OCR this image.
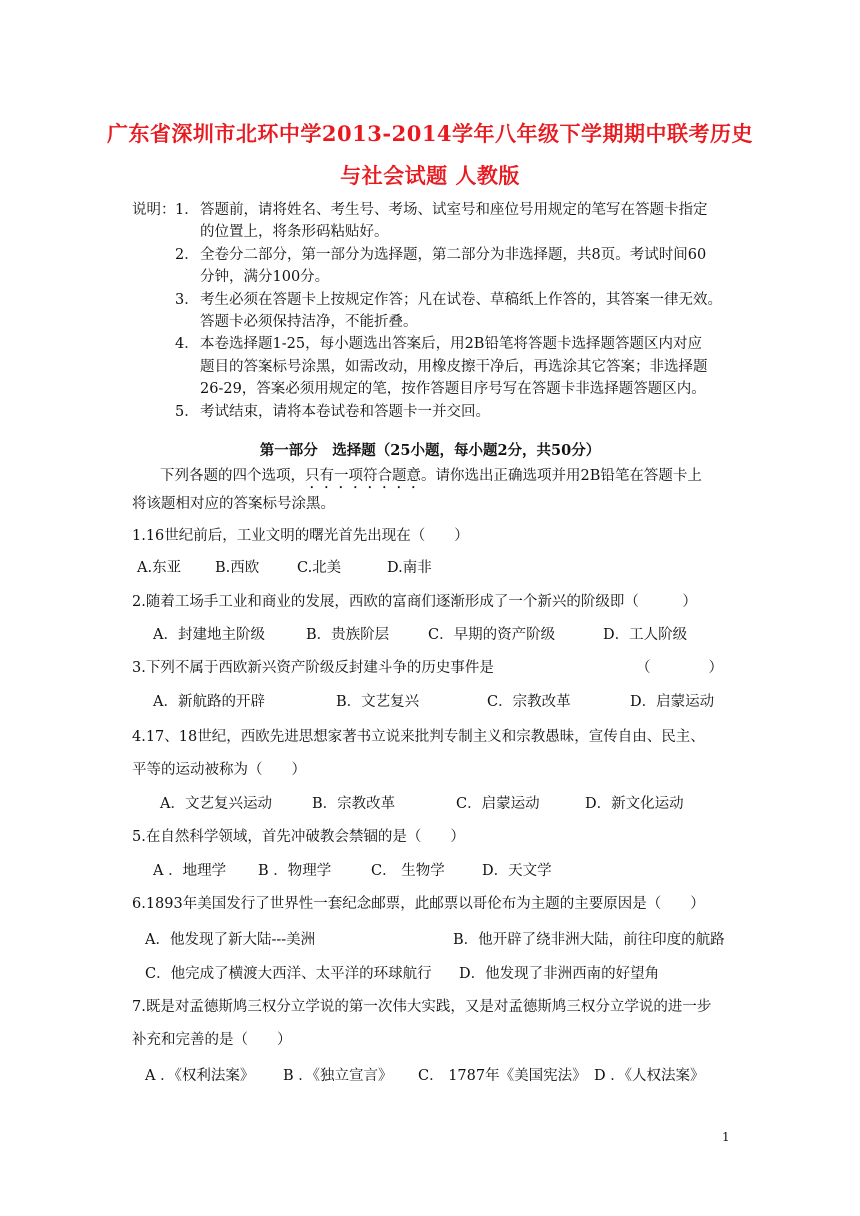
广东省深圳市北环中学2013-2014学年八年级下学期期中联考历史
与社会试题 人教版
说明： 1． 答题前，请将姓名、考生号、考场、试室号和座位号用规定的笔写在答题卡指定
的位置上，将条形码粘贴好。
2． 全卷分二部分，第一部分为选择题，第二部分为非选择题，共8页。考试时间60
分钟，满分100分。
3． 考生必须在答题卡上按规定作答；凡在试卷、草稿纸上作答的，其答案一律无效。
答题卡必须保持洁净，不能折叠。
4． 本卷选择题1-25，每小题选出答案后，用2B铅笔将答题卡选择题答题区内对应
题目的答案标号涂黑，如需改动，用橡皮擦干净后，再选涂其它答案；非选择题
26-29，答案必须用规定的笔，按作答题目序号写在答题卡非选择题答题区内。
5． 考试结束，请将本卷试卷和答题卡一并交回。
第一部分　选择题（25小题，每小题2分，共50分）
下列各题的四个选项，只有一项符合题意。请你选出正确选项并用2B铅笔在答题卡上
将该题相对应的答案标号涂黑。
1.16世纪前后，工业文明的曙光首先出现在（　　）
A.东亚 B.西欧	C.北美	D.南非
2.随着工场手工业和商业的发展，西欧的富商们逐渐形成了一个新兴的阶级即（　　　）
A．封建地主阶级	B．贵族阶层	C．早期的资产阶级	D．工人阶级
3.下列不属于西欧新兴资产阶级反封建斗争的历史事件是	（　　　　）
A．新航路的开辟	B．文艺复兴	C．宗教改革	D．启蒙运动
4.17、18世纪，西欧先进思想家著书立说来批判专制主义和宗教愚昧，宣传自由、民主、
平等的运动被称为（　　）
A．文艺复兴运动	B．宗教改革	C．启蒙运动	D．新文化运动
5.在自然科学领域，首先冲破教会禁锢的是（　　）
A ．地理学 B ．物理学	C． 生物学	D．天文学
6.1893年美国发行了世界性一套纪念邮票，此邮票以哥伦布为主题的主要原因是（　　）
A．他发现了新大陆---美洲	B．他开辟了绕非洲大陆，前往印度的航路
C．他完成了横渡大西洋、太平洋的环球航行 D．他发现了非洲西南的好望角
7.既是对孟德斯鸠三权分立学说的第一次伟大实践，又是对孟德斯鸠三权分立学说的进一步
补充和完善的是（　　）
A ．《权利法案》 B ．《独立宣言》 C． 1787年《美国宪法》 D ．《人权法案》
1
